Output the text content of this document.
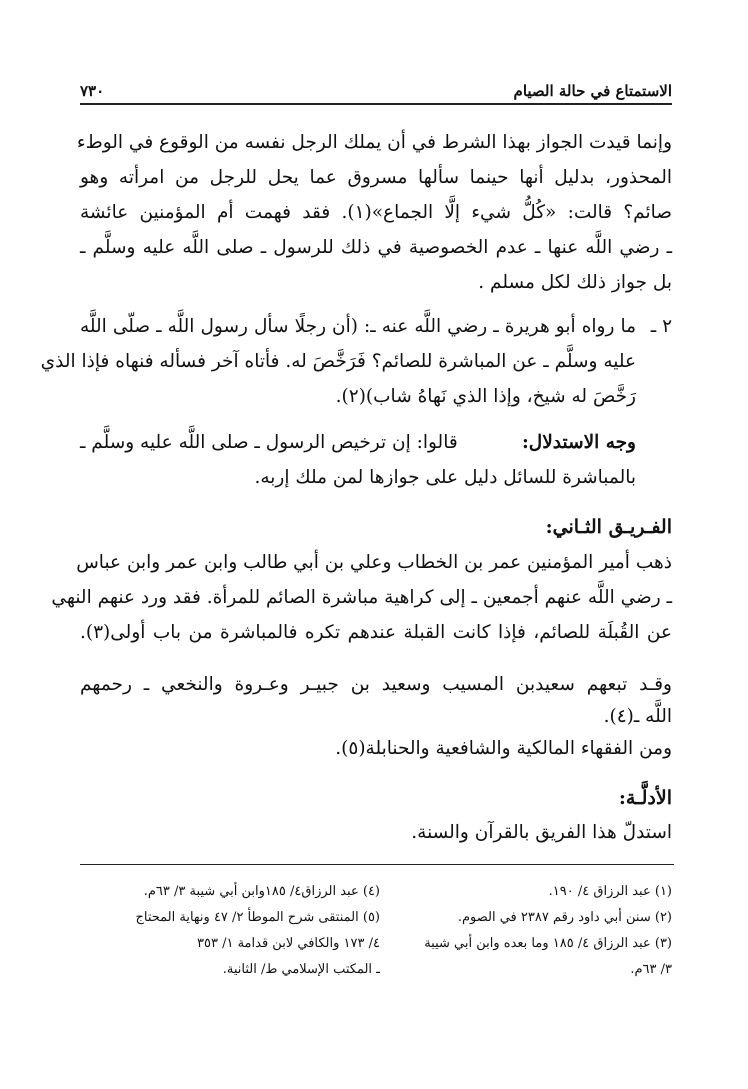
الاستمتاع في حالة الصيام
٧٣٠
وإنما قيدت الجواز بهذا الشرط في أن يملك الرجل نفسه من الوقوع في الوطء
المحذور، بدليل أنها حينما سألها مسروق عما يحل للرجل من امرأته وهو
صائم؟ قالت: «كُلُّ شيء إلَّا الجماع»(١). فقد فهمت أم المؤمنين عائشة
ـ رضي اللَّه عنها ـ عدم الخصوصية في ذلك للرسول ـ صلى اللَّه عليه وسلَّم ـ
بل جواز ذلك لكل مسلم .
٢ ـ
ما رواه أبو هريرة ـ رضي اللَّه عنه ـ: (أن رجلًا سأل رسول اللَّه ـ صلّى اللَّه
عليه وسلَّم ـ عن المباشرة للصائم؟ فَرَخَّصَ له. فأتاه آخر فسأله فنهاه فإذا الذي
رَخَّصَ له شيخ، وإذا الذي نَهاهُ شاب)(٢).
وجه الاستدلال:
قالوا: إن ترخيص الرسول ـ صلى اللَّه عليه وسلَّم ـ
بالمباشرة للسائل دليل على جوازها لمن ملك إربه.
الفـريـق الثـاني:
ذهب أمير المؤمنين عمر بن الخطاب وعلي بن أبي طالب وابن عمر وابن عباس
ـ رضي اللَّه عنهم أجمعين ـ إلى كراهية مباشرة الصائم للمرأة. فقد ورد عنهم النهي
عن القُبلَة للصائم، فإذا كانت القبلة عندهم تكره فالمباشرة من باب أولى(٣).
وقـد تبعهم سعيدبن المسيب وسعيد بن جبيـر وعـروة والنخعي ـ رحمهم
اللَّه ـ(٤).
ومن الفقهاء المالكية والشافعية والحنابلة(٥).
الأدلَّـة:
استدلّ هذا الفريق بالقرآن والسنة.
(١) عبد الرزاق ٤/ ١٩٠.
(٢) سنن أبي داود رقم ٢٣٨٧ في الصوم.
(٣) عبد الرزاق ٤/ ١٨٥ وما بعده وابن أبي شيبة
٣/ ٦٣م.
(٤) عبد الرزاق٤/ ١٨٥وابن أبي شيبة ٣/ ٦٣م.
(٥) المنتقى شرح الموطأ ٢/ ٤٧ ونهاية المحتاج
٤/ ١٧٣ والكافي لابن قدامة ١/ ٣٥٣
ـ المكتب الإسلامي ط/ الثانية.
